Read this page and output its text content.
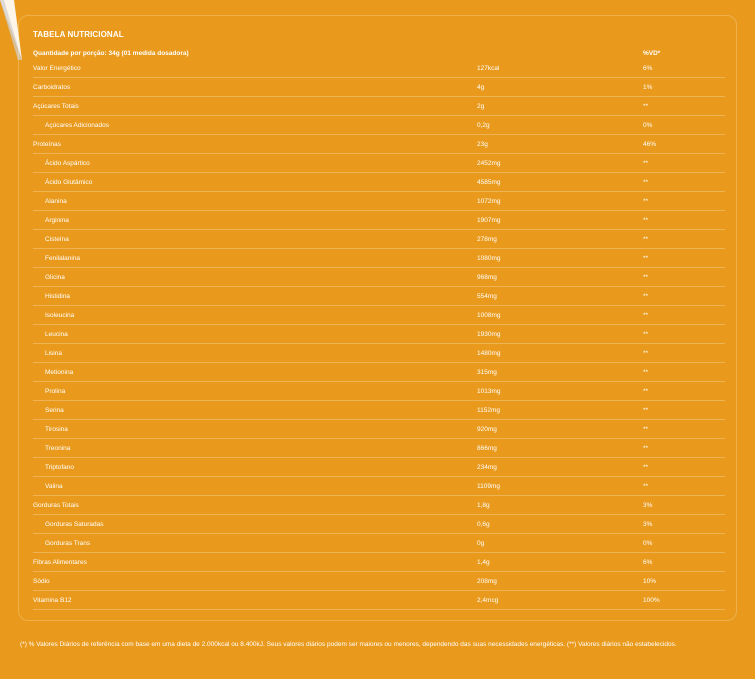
TABELA NUTRICIONAL
Quantidade por porção: 34g (01 medida dosadora)	%VD*
Valor Energético	127kcal	6%
Carboidratos	4g	1%
Açúcares Totais	2g	**
Açúcares Adicionados	0,2g	0%
Proteínas	23g	46%
Ácido Aspártico	2452mg	**
Ácido Glutâmico	4585mg	**
Alanina	1072mg	**
Arginina	1907mg	**
Cisteína	278mg	**
Fenilalanina	1080mg	**
Glicina	968mg	**
Histidina	554mg	**
Isoleucina	1008mg	**
Leucina	1930mg	**
Lisina	1480mg	**
Metionina	315mg	**
Prolina	1013mg	**
Serina	1152mg	**
Tirosina	920mg	**
Treonina	866mg	**
Triptofano	234mg	**
Valina	1109mg	**
Gorduras Totais	1,8g	3%
Gorduras Saturadas	0,6g	3%
Gorduras Trans	0g	0%
Fibras Alimentares	1,4g	6%
Sódio	208mg	10%
Vitamina B12	2,4mcg	100%
(*) % Valores Diários de referência com base em uma dieta de 2.000kcal ou 8.400kJ. Seus valores diários podem ser maiores ou menores, dependendo das suas necessidades energéticas. (**) Valores diários não estabelecidos.
